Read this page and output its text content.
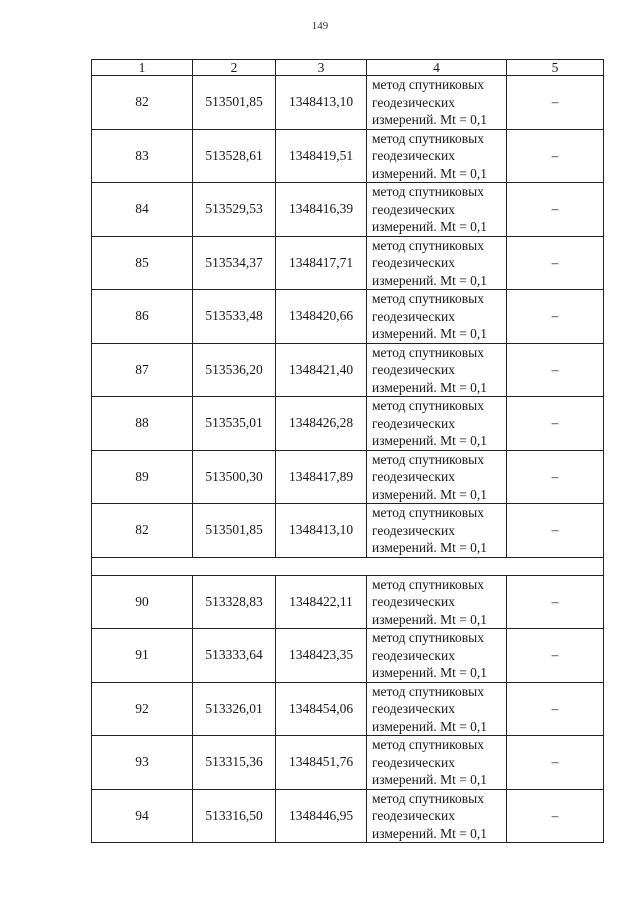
149
1	2	3	4	5
82	513501,85	1348413,10	метод спутниковых
геодезических
измерений. Mt = 0,1	–
83	513528,61	1348419,51	метод спутниковых
геодезических
измерений. Mt = 0,1	–
84	513529,53	1348416,39	метод спутниковых
геодезических
измерений. Mt = 0,1	–
85	513534,37	1348417,71	метод спутниковых
геодезических
измерений. Mt = 0,1	–
86	513533,48	1348420,66	метод спутниковых
геодезических
измерений. Mt = 0,1	–
87	513536,20	1348421,40	метод спутниковых
геодезических
измерений. Mt = 0,1	–
88	513535,01	1348426,28	метод спутниковых
геодезических
измерений. Mt = 0,1	–
89	513500,30	1348417,89	метод спутниковых
геодезических
измерений. Mt = 0,1	–
82	513501,85	1348413,10	метод спутниковых
геодезических
измерений. Mt = 0,1	–

90	513328,83	1348422,11	метод спутниковых
геодезических
измерений. Mt = 0,1	–
91	513333,64	1348423,35	метод спутниковых
геодезических
измерений. Mt = 0,1	–
92	513326,01	1348454,06	метод спутниковых
геодезических
измерений. Mt = 0,1	–
93	513315,36	1348451,76	метод спутниковых
геодезических
измерений. Mt = 0,1	–
94	513316,50	1348446,95	метод спутниковых
геодезических
измерений. Mt = 0,1	–
